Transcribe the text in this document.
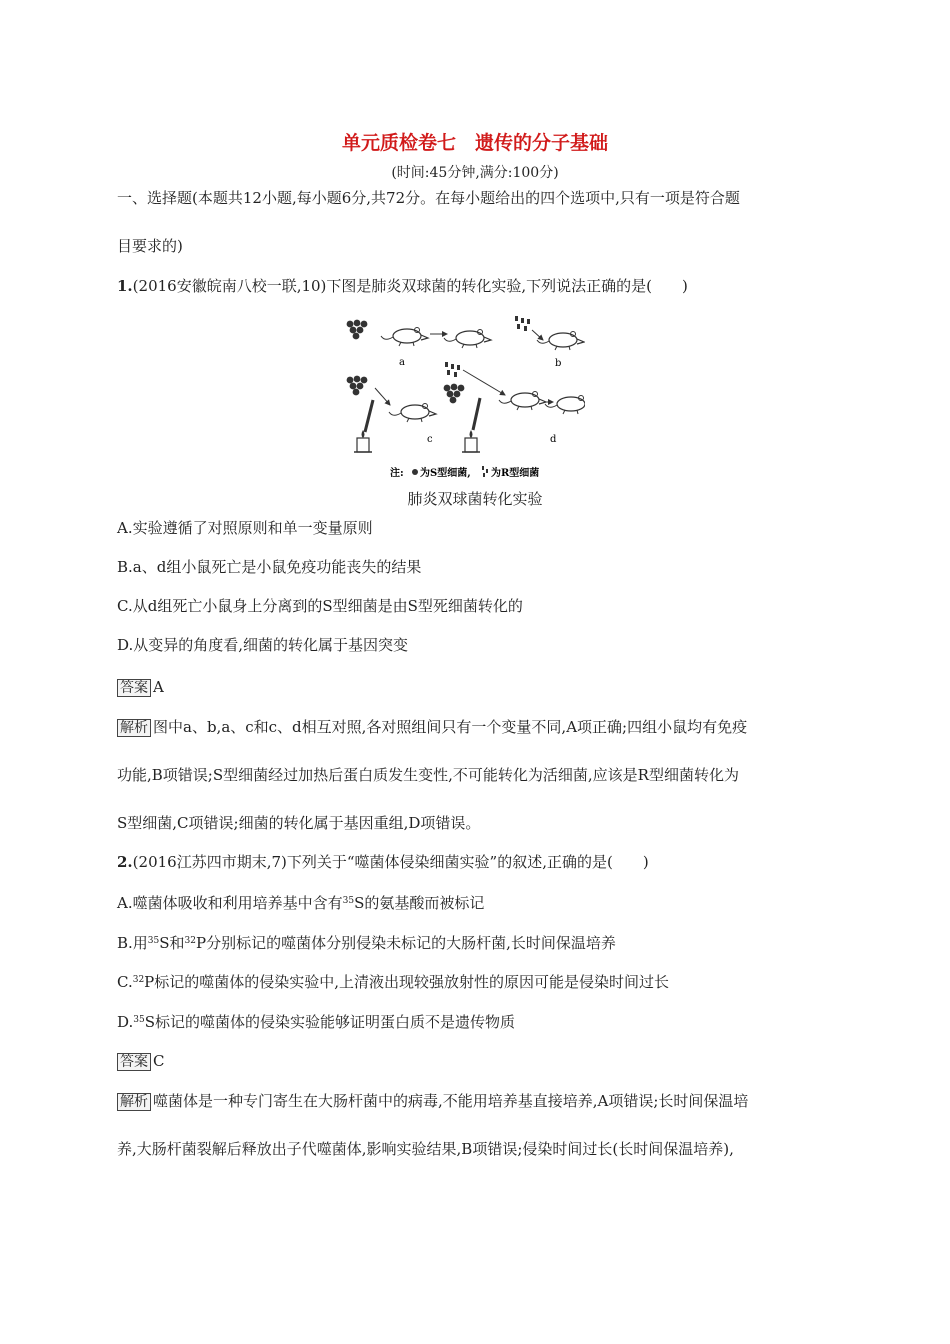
单元质检卷七　遗传的分子基础
(时间:45分钟,满分:100分)
一、选择题(本题共12小题,每小题6分,共72分。在每小题给出的四个选项中,只有一项是符合题
目要求的)
1.(2016安徽皖南八校一联,10)下图是肺炎双球菌的转化实验,下列说法正确的是(　　)
a	b
c	d
注: 为S型细菌, 为R型细菌
肺炎双球菌转化实验
A.实验遵循了对照原则和单一变量原则
B.a、d组小鼠死亡是小鼠免疫功能丧失的结果
C.从d组死亡小鼠身上分离到的S型细菌是由S型死细菌转化的
D.从变异的角度看,细菌的转化属于基因突变
答案 A
解析 图中a、b,a、c和c、d相互对照,各对照组间只有一个变量不同,A项正确;四组小鼠均有免疫
功能,B项错误;S型细菌经过加热后蛋白质发生变性,不可能转化为活细菌,应该是R型细菌转化为
S型细菌,C项错误;细菌的转化属于基因重组,D项错误。
2.(2016江苏四市期末,7)下列关于“噬菌体侵染细菌实验”的叙述,正确的是(　　)
A.噬菌体吸收和利用培养基中含有$^{35}$S的氨基酸而被标记
B.用$^{35}$S和$^{32}$P分别标记的噬菌体分别侵染未标记的大肠杆菌,长时间保温培养
C.$^{32}$P标记的噬菌体的侵染实验中,上清液出现较强放射性的原因可能是侵染时间过长
D.$^{35}$S标记的噬菌体的侵染实验能够证明蛋白质不是遗传物质
答案 C
解析 噬菌体是一种专门寄生在大肠杆菌中的病毒,不能用培养基直接培养,A项错误;长时间保温培
养,大肠杆菌裂解后释放出子代噬菌体,影响实验结果,B项错误;侵染时间过长(长时间保温培养),
